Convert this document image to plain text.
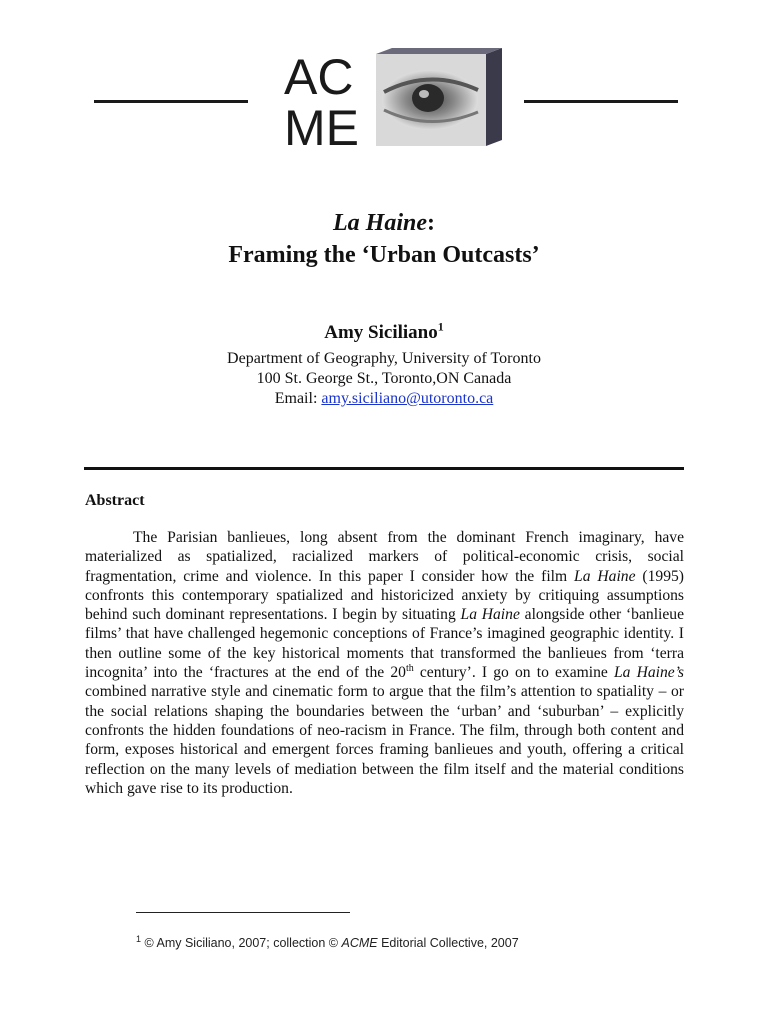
AC
ME
La Haine:
Framing the ‘Urban Outcasts’
Amy Siciliano$^1$
Department of Geography, University of Toronto
100 St. George St., Toronto,ON Canada
Email: amy.siciliano@utoronto.ca
Abstract

The Parisian banlieues, long absent from the dominant French imaginary, have materialized as spatialized, racialized markers of political-economic crisis, social fragmentation, crime and violence. In this paper I consider how the film La Haine (1995) confronts this contemporary spatialized and historicized anxiety by critiquing assumptions behind such dominant representations. I begin by situating La Haine alongside other ‘banlieue films’ that have challenged hegemonic conceptions of France’s imagined geographic identity. I then outline some of the key historical moments that transformed the banlieues from ‘terra incognita’ into the ‘fractures at the end of the 20th century’. I go on to examine La Haine’s combined narrative style and cinematic form to argue that the film’s attention to spatiality – or the social relations shaping the boundaries between the ‘urban’ and ‘suburban’ – explicitly confronts the hidden foundations of neo-racism in France. The film, through both content and form, exposes historical and emergent forces framing banlieues and youth, offering a critical reflection on the many levels of mediation between the film itself and the material conditions which gave rise to its production.

$^1$ © Amy Siciliano, 2007; collection © ACME Editorial Collective, 2007
